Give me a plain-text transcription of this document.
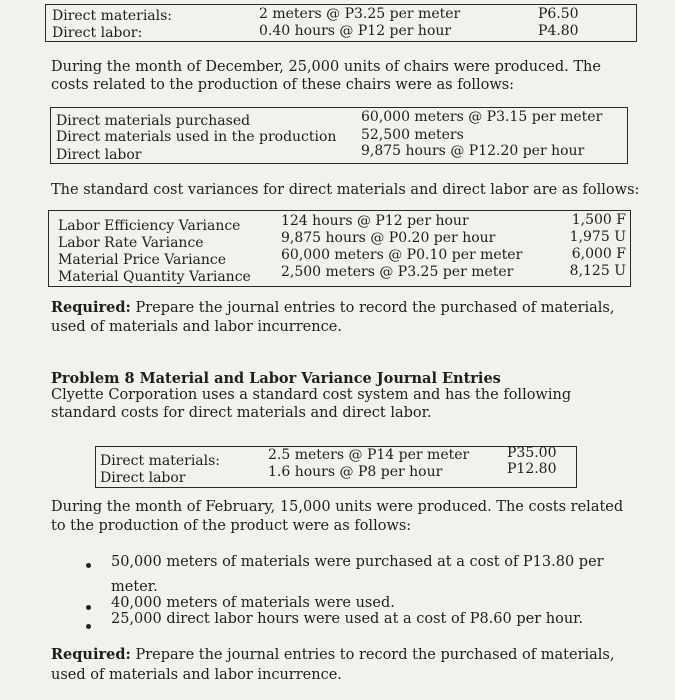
Direct materials:	2 meters @ P3.25 per meter	P6.50
Direct labor:	0.40 hours @ P12 per hour	P4.80
During the month of December, 25,000 units of chairs were produced. The
costs related to the production of these chairs were as follows:
Direct materials purchased	60,000 meters @ P3.15 per meter
Direct materials used in the production 52,500 meters
Direct labor	9,875 hours @ P12.20 per hour
The standard cost variances for direct materials and direct labor are as follows:
Labor Efficiency Variance	124 hours @ P12 per hour	1,500 F
Labor Rate Variance	9,875 hours @ P0.20 per hour	1,975 U
Material Price Variance	60,000 meters @ P0.10 per meter	6,000 F
Material Quantity Variance 2,500 meters @ P3.25 per meter	8,125 U
Required: Prepare the journal entries to record the purchased of materials,
used of materials and labor incurrence.
Problem 8 Material and Labor Variance Journal Entries
Clyette Corporation uses a standard cost system and has the following
standard costs for direct materials and direct labor.
Direct materials:	2.5 meters @ P14 per meter	P35.00
Direct labor	1.6 hours @ P8 per hour	P12.80
During the month of February, 15,000 units were produced. The costs related
to the production of the product were as follows:
50,000 meters of materials were purchased at a cost of P13.80 per
meter.
40,000 meters of materials were used.
25,000 direct labor hours were used at a cost of P8.60 per hour.
Required: Prepare the journal entries to record the purchased of materials,
used of materials and labor incurrence.
